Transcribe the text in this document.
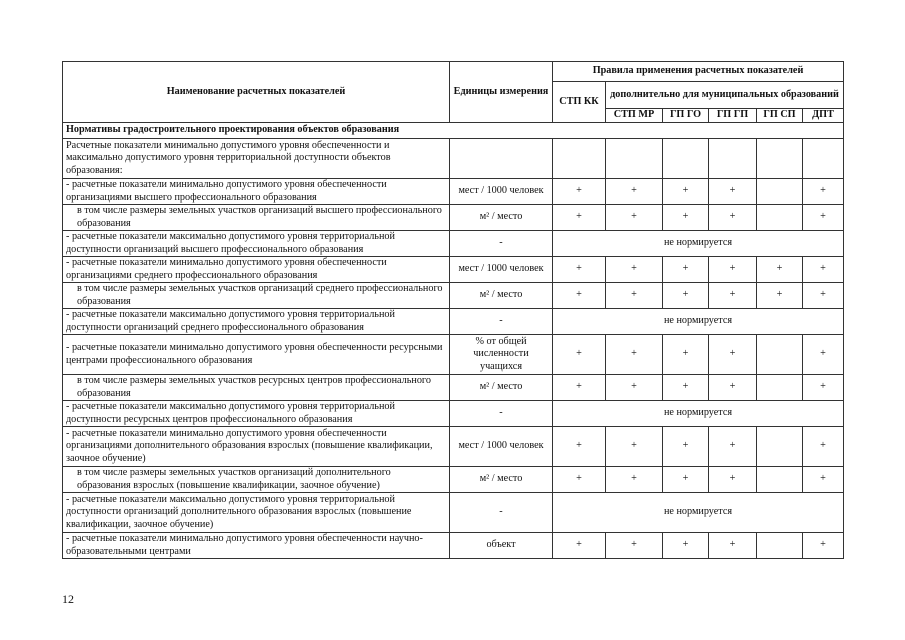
Наименование расчетных показателей	Единицы измерения	Правила применения расчетных показателей					
		СТП КК	дополнительно для муниципальных образований				
			СТП МР	ГП ГО	ГП ГП	ГП СП	ДПТ
Нормативы градостроительного проектирования объектов образования							
Расчетные показатели минимально допустимого уровня обеспеченности и максимально допустимого уровня территориальной доступности объектов образования:							
- расчетные показатели минимально допустимого уровня обеспеченности организациями высшего профессионального образования	мест / 1000 человек	+	+	+	+		+
в том числе размеры земельных участков организаций высшего профессионального образования	м² / место	+	+	+	+		+
- расчетные показатели максимально допустимого уровня территориальной доступности организаций высшего профессионального образования	-	не нормируется					
- расчетные показатели минимально допустимого уровня обеспеченности организациями среднего профессионального образования	мест / 1000 человек	+	+	+	+	+	+
в том числе размеры земельных участков организаций среднего профессионального образования	м² / место	+	+	+	+	+	+
- расчетные показатели максимально допустимого уровня территориальной доступности организаций среднего профессионального образования	-	не нормируется					
- расчетные показатели минимально допустимого уровня обеспеченности ресурсными центрами профессионального образования	% от общей численности учащихся	+	+	+	+		+
в том числе размеры земельных участков ресурсных центров профессионального образования	м² / место	+	+	+	+		+
- расчетные показатели максимально допустимого уровня территориальной доступности ресурсных центров профессионального образования	-	не нормируется					
- расчетные показатели минимально допустимого уровня обеспеченности организациями дополнительного образования взрослых (повышение квалификации, заочное обучение)	мест / 1000 человек	+	+	+	+		+
в том числе размеры земельных участков организаций дополнительного образования взрослых (повышение квалификации, заочное обучение)	м² / место	+	+	+	+		+
- расчетные показатели максимально допустимого уровня территориальной доступности организаций дополнительного образования взрослых (повышение квалификации, заочное обучение)	-	не нормируется					
- расчетные показатели минимально допустимого уровня обеспеченности научно-образовательными центрами	объект	+	+	+	+		+
12
